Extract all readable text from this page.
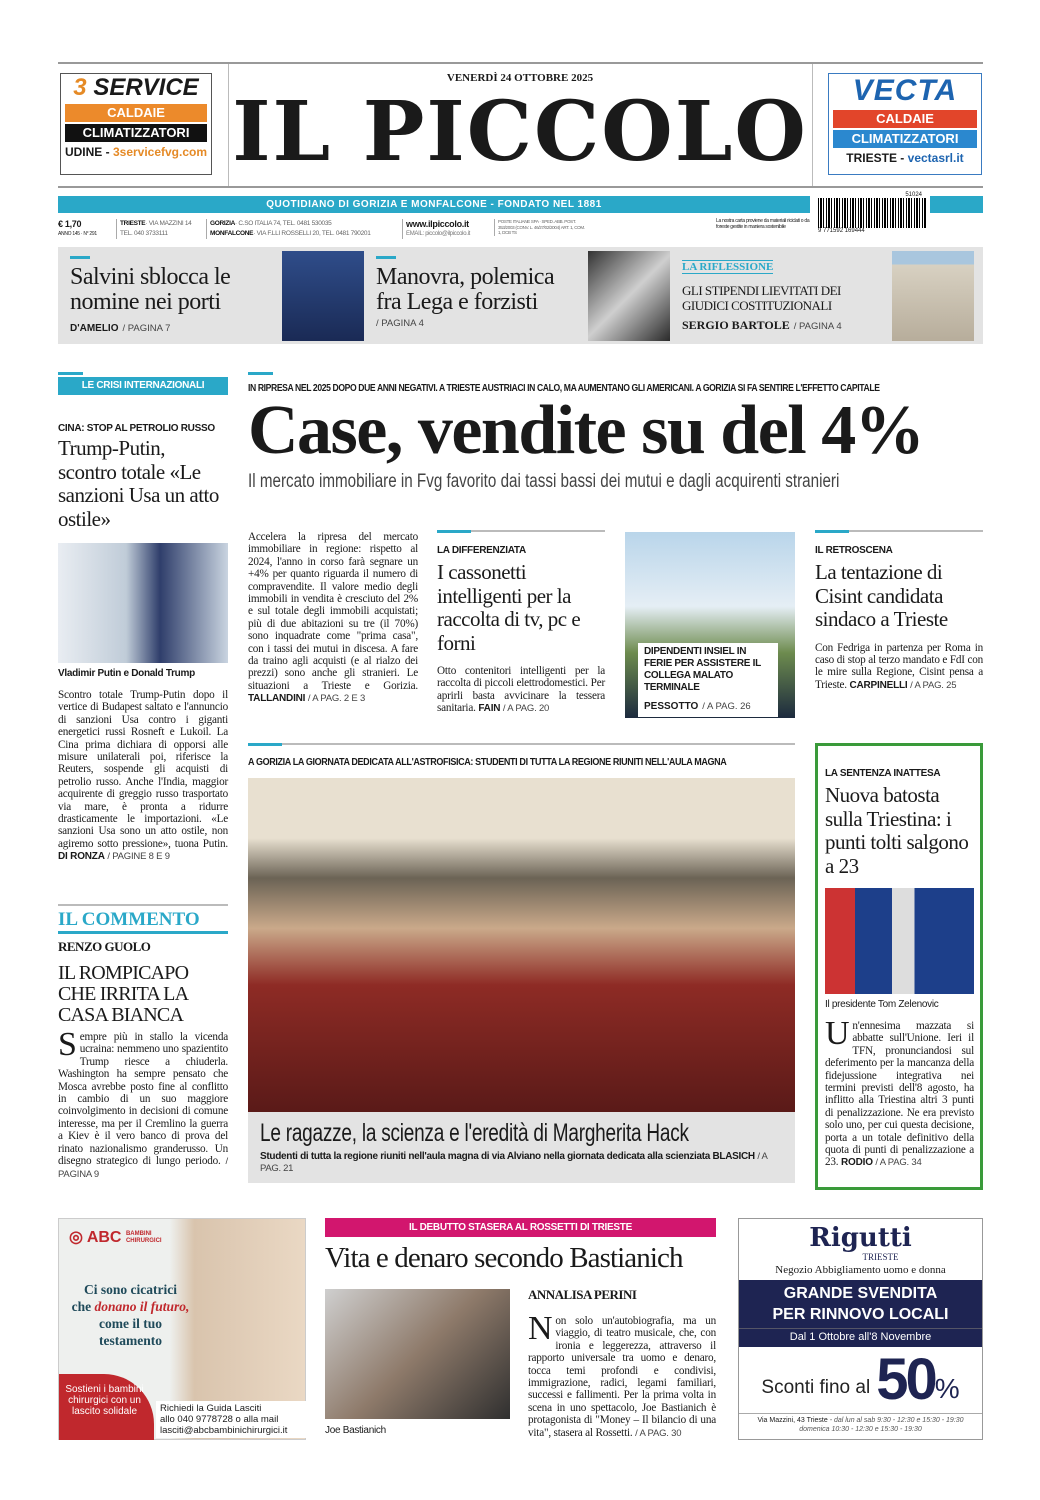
3 SERVICE
CALDAIE
CLIMATIZZATORI
UDINE - 3servicefvg.com
VENERDÌ 24 OTTOBRE 2025
IL PICCOLO	VECTA
CALDAIE
CLIMATIZZATORI
TRIESTE - vectasrl.it
QUOTIDIANO DI GORIZIA E MONFALCONE - FONDATO NEL 1881
51024
9 771592 169444
€ 1,70
ANNO 145 · N° 291
TRIESTE· VIA MAZZINI 14
TEL. 040 3733111
GORIZIA· C.SO ITALIA 74, TEL. 0481 530035
MONFALCONE· VIA F.LLI ROSSELLI 20, TEL. 0481 790201
www.ilpiccolo.it
EMAIL: piccolo@ilpiccolo.it
POSTE ITALIANE SPA · SPED. ABB. POST. 353/2003 (CONV. L. 46/27/02/2004) ART. 1, COM. 1, DCB TS
La nostra carta proviene da materiali riciclati o da foreste gestite in maniera sostenibile
Salvini sblocca le nomine nei porti
D'AMELIO / PAGINA 7
Manovra, polemica fra Lega e forzisti
/ PAGINA 4
LA RIFLESSIONE
GLI STIPENDI LIEVITATI DEI GIUDICI COSTITUZIONALI
SERGIO BARTOLE / PAGINA 4
LE CRISI INTERNAZIONALI
CINA: STOP AL PETROLIO RUSSO
Trump-Putin, scontro totale «Le sanzioni Usa un atto ostile»
Vladimir Putin e Donald Trump
Scontro totale Trump-Putin dopo il vertice di Budapest saltato e l'annuncio di sanzioni Usa contro i giganti energetici russi Rosneft e Lukoil. La Cina prima dichiara di opporsi alle misure unilaterali poi, riferisce la Reuters, sospende gli acquisti di petrolio russo. Anche l'India, maggior acquirente di greggio russo trasportato via mare, è pronta a ridurre drasticamente le importazioni. «Le sanzioni Usa sono un atto ostile, non agiremo sotto pressione», tuona Putin. DI RONZA / PAGINE 8 E 9
IL COMMENTO
RENZO GUOLO
IL ROMPICAPO CHE IRRITA LA CASA BIANCA
Sempre più in stallo la vicenda ucraina: nemmeno uno spazientito Trump riesce a chiuderla. Washington ha sempre pensato che Mosca avrebbe posto fine al conflitto in cambio di un suo maggiore coinvolgimento in decisioni di comune interesse, ma per il Cremlino la guerra a Kiev è il vero banco di prova del rinato nazionalismo granderusso. Un disegno strategico di lungo periodo. / PAGINA 9
IN RIPRESA NEL 2025 DOPO DUE ANNI NEGATIVI. A TRIESTE AUSTRIACI IN CALO, MA AUMENTANO GLI AMERICANI. A GORIZIA SI FA SENTIRE L'EFFETTO CAPITALE
Case, vendite su del 4%
Il mercato immobiliare in Fvg favorito dai tassi bassi dei mutui e dagli acquirenti stranieri
Accelera la ripresa del mercato immobiliare in regione: rispetto al 2024, l'anno in corso farà segnare un +4% per quanto riguarda il numero di compravendite. Il valore medio degli immobili in vendita è cresciuto del 2% e sul totale degli immobili acquistati; più di due abitazioni su tre (il 70%) sono inquadrate come "prima casa", con i tassi dei mutui in discesa. A fare da traino agli acquisti (e al rialzo dei prezzi) sono anche gli stranieri. Le situazioni a Trieste e Gorizia. TALLANDINI / A PAG. 2 E 3
LA DIFFERENZIATA
I cassonetti intelligenti per la raccolta di tv, pc e forni
Otto contenitori intelligenti per la raccolta di piccoli elettrodomestici. Per aprirli basta avvicinare la tessera sanitaria. FAIN / A PAG. 20
DIPENDENTI INSIEL IN FERIE PER ASSISTERE IL COLLEGA MALATO TERMINALE
PESSOTTO / A PAG. 26
IL RETROSCENA
La tentazione di Cisint candidata sindaco a Trieste
Con Fedriga in partenza per Roma in caso di stop al terzo mandato e FdI con le mire sulla Regione, Cisint pensa a Trieste. CARPINELLI / A PAG. 25
A GORIZIA LA GIORNATA DEDICATA ALL'ASTROFISICA: STUDENTI DI TUTTA LA REGIONE RIUNITI NELL'AULA MAGNA
Le ragazze, la scienza e l'eredità di Margherita Hack
Studenti di tutta la regione riuniti nell'aula magna di via Alviano nella giornata dedicata alla scienziata BLASICH / A PAG. 21
LA SENTENZA INATTESA
Nuova batosta sulla Triestina: i punti tolti salgono a 23
Il presidente Tom Zelenovic
Un'ennesima mazzata si abbatte sull'Unione. Ieri il TFN, pronunciandosi sul deferimento per la mancanza della fidejussione integrativa nei termini previsti dell'8 agosto, ha inflitto alla Triestina altri 3 punti di penalizzazione. Ne era previsto solo uno, per cui questa decisione, porta a un totale definitivo della quota di punti di penalizzazione a 23. RODIO / A PAG. 34
◎ ABC BAMBINI CHIRURGICI
Ci sono cicatrici
che donano il futuro,
come il tuo testamento
Sostieni i bambini chirurgici con un lascito solidale	Richiedi la Guida Lasciti
allo 040 9778728 o alla mail
lasciti@abcbambinichirurgici.it
IL DEBUTTO STASERA AL ROSSETTI DI TRIESTE
Vita e denaro secondo Bastianich
Joe Bastianich
ANNALISA PERINI
Non solo un'autobiografia, ma un viaggio, di teatro musicale, che, con ironia e leggerezza, attraverso il rapporto universale tra uomo e denaro, tocca temi profondi e condivisi, immigrazione, radici, legami familiari, successi e fallimenti. Per la prima volta in scena in uno spettacolo, Joe Bastianich è protagonista di "Money – Il bilancio di una vita", stasera al Rossetti. / A PAG. 30
Rigutti
TRIESTE
Negozio Abbigliamento uomo e donna
GRANDE SVENDITA
PER RINNOVO LOCALI
Dal 1 Ottobre all'8 Novembre
Sconti fino al 50 %
Via Mazzini, 43 Trieste - dal lun al sab 9:30 - 12:30 e 15:30 - 19:30
domenica 10:30 - 12:30 e 15:30 - 19:30
